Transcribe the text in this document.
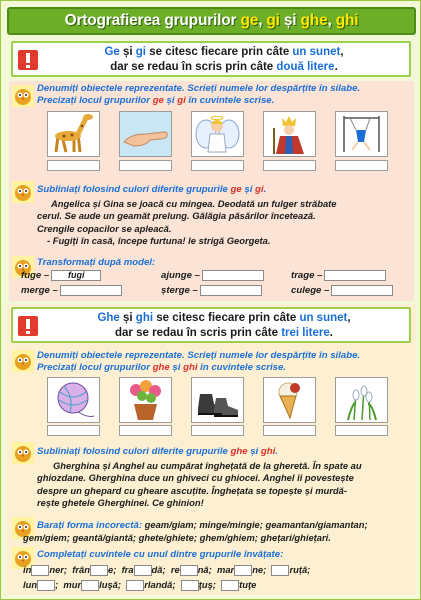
Ortografierea grupurilor ge, gi și ghe, ghi
Ge și gi se citesc fiecare prin câte un sunet,
dar se redau în scris prin câte două litere.
Denumiți obiectele reprezentate. Scrieți numele lor despărțite în silabe.
Precizați locul grupurilor ge și gi în cuvintele scrise.
Subliniați folosind culori diferite grupurile ge și gi.
Angelica și Gina se joacă cu mingea. Deodată un fulger străbate
cerul. Se aude un geamăt prelung. Gălăgia păsărilor încetează.
Crengile copacilor se apleacă.
- Fugiți în casă, începe furtuna! le strigă Georgeta.
Transformați după model:
fuge – fugi	ajunge –	trage –
merge –	șterge –	culege –
Ghe și ghi se citesc fiecare prin câte un sunet,
dar se redau în scris prin câte trei litere.
Denumiți obiectele reprezentate. Scrieți numele lor despărțite în silabe.
Precizați locul grupurilor ghe și ghi în cuvintele scrise.
Subliniați folosind culori diferite grupurile ghe și ghi.
Gherghina și Anghel au cumpărat înghețată de la gheretă. În spate au
ghiozdane. Gherghina duce un ghiveci cu ghiocei. Anghel îi povestește
despre un ghepard cu gheare ascuțite. Înghețata se topește și murdă-
rește ghetele Gherghinei. Ce ghinion!
Barați forma incorectă: geam/giam; minge/mingie; geamantan/giamantan;
gem/giem; geantă/giantă; ghete/ghiete; ghem/ghiem; ghețari/ghiețari.
Completați cuvintele cu unul dintre grupurile învățate:
in ner; frân e; fra dă; re nă; mar ne; ruță;
lun ; mur luşă; rlandă; ţuş; tuţe
